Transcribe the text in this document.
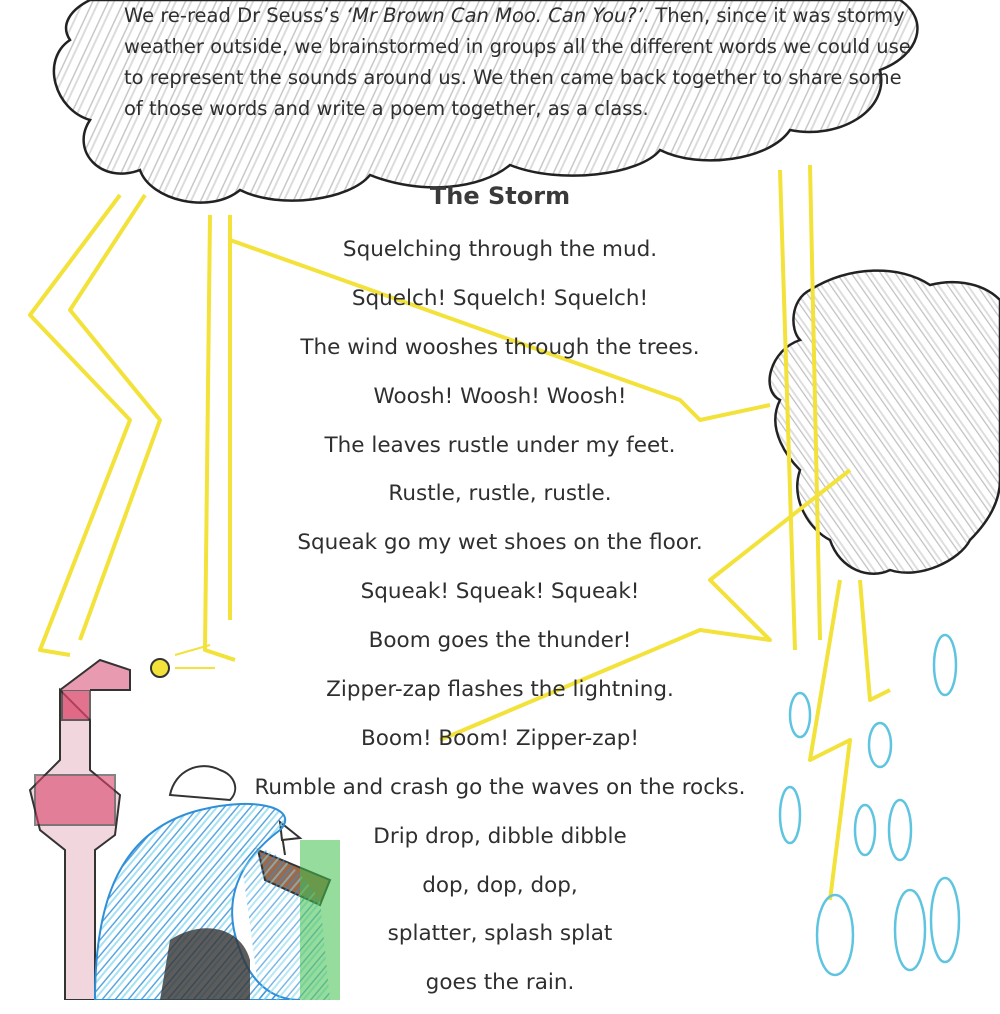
We re-read Dr Seuss’s ‘Mr Brown Can Moo. Can You?’. Then, since it was stormy weather outside, we brainstormed in groups all the different words we could use to represent the sounds around us. We then came back together to share some of those words and write a poem together, as a class.

The Storm
Squelching through the mud.
Squelch! Squelch! Squelch!
The wind wooshes through the trees.
Woosh! Woosh! Woosh!
The leaves rustle under my feet.
Rustle, rustle, rustle.
Squeak go my wet shoes on the floor.
Squeak! Squeak! Squeak!
Boom goes the thunder!
Zipper-zap flashes the lightning.
Boom! Boom! Zipper-zap!
Rumble and crash go the waves on the rocks.
Drip drop, dibble dibble
dop, dop, dop,
splatter, splash splat
goes the rain.
